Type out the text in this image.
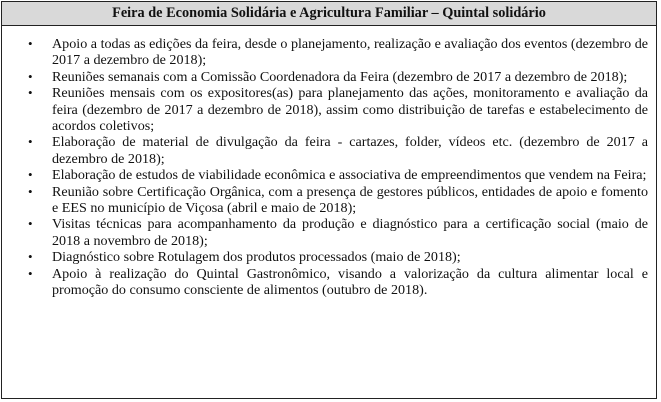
Feira de Economia Solidária e Agricultura Familiar – Quintal solidário
•	Apoio a todas as edições da feira, desde o planejamento, realização e avaliação dos eventos (dezembro de 2017 a dezembro de 2018);
•	Reuniões semanais com a Comissão Coordenadora da Feira (dezembro de 2017 a dezembro de 2018);
•	Reuniões mensais com os expositores(as) para planejamento das ações, monitoramento e avaliação da feira (dezembro de 2017 a dezembro de 2018), assim como distribuição de tarefas e estabelecimento de acordos coletivos;
•	Elaboração de material de divulgação da feira - cartazes, folder, vídeos etc. (dezembro de 2017 a dezembro de 2018);
•	Elaboração de estudos de viabilidade econômica e associativa de empreendimentos que vendem na Feira;
•	Reunião sobre Certificação Orgânica, com a presença de gestores públicos, entidades de apoio e fomento e EES no município de Viçosa (abril e maio de 2018);
•	Visitas técnicas para acompanhamento da produção e diagnóstico para a certificação social (maio de 2018 a novembro de 2018);
•	Diagnóstico sobre Rotulagem dos produtos processados (maio de 2018);
•	Apoio à realização do Quintal Gastronômico, visando a valorização da cultura alimentar local e promoção do consumo consciente de alimentos (outubro de 2018).
